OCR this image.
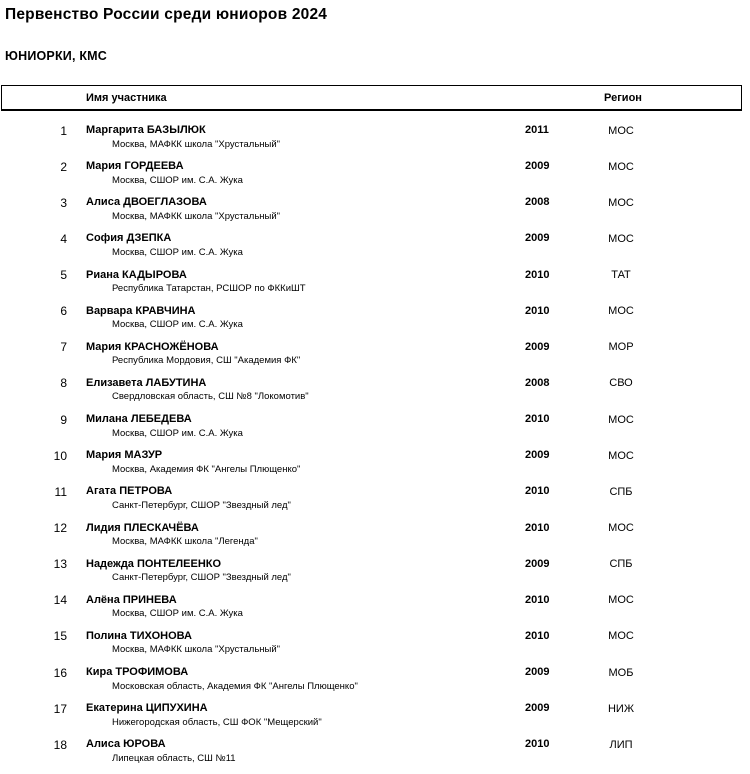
Первенство России среди юниоров 2024
ЮНИОРКИ, КМС
Имя участника	Регион
1 Маргарита БАЗЫЛЮК
Москва, МАФКК школа "Хрустальный"
2011	МОС
2 Мария ГОРДЕЕВА
Москва, СШОР им. С.А. Жука
2009	МОС
3 Алиса ДВОЕГЛАЗОВА
Москва, МАФКК школа "Хрустальный"
2008	МОС
4 София ДЗЕПКА
Москва, СШОР им. С.А. Жука
2009	МОС
5 Риана КАДЫРОВА
Республика Татарстан, РСШОР по ФККиШТ
2010	ТАТ
6 Варвара КРАВЧИНА
Москва, СШОР им. С.А. Жука
2010	МОС
7 Мария КРАСНОЖЁНОВА
Республика Мордовия, СШ "Академия ФК"
2009	МОР
8 Елизавета ЛАБУТИНА
Свердловская область, СШ №8 "Локомотив"
2008	СВО
9 Милана ЛЕБЕДЕВА
Москва, СШОР им. С.А. Жука
2010	МОС
10 Мария МАЗУР
Москва, Академия ФК "Ангелы Плющенко"
2009	МОС
11 Агата ПЕТРОВА
Санкт-Петербург, СШОР "Звездный лед"
2010	СПБ
12 Лидия ПЛЕСКАЧЁВА
Москва, МАФКК школа "Легенда"
2010	МОС
13 Надежда ПОНТЕЛЕЕНКО
Санкт-Петербург, СШОР "Звездный лед"
2009	СПБ
14 Алёна ПРИНЕВА
Москва, СШОР им. С.А. Жука
2010	МОС
15 Полина ТИХОНОВА
Москва, МАФКК школа "Хрустальный"
2010	МОС
16 Кира ТРОФИМОВА
Московская область, Академия ФК "Ангелы Плющенко"
2009	МОБ
17 Екатерина ЦИПУХИНА
Нижегородская область, СШ ФОК "Мещерский"
2009	НИЖ
18 Алиса ЮРОВА
Липецкая область, СШ №11
2010	ЛИП
